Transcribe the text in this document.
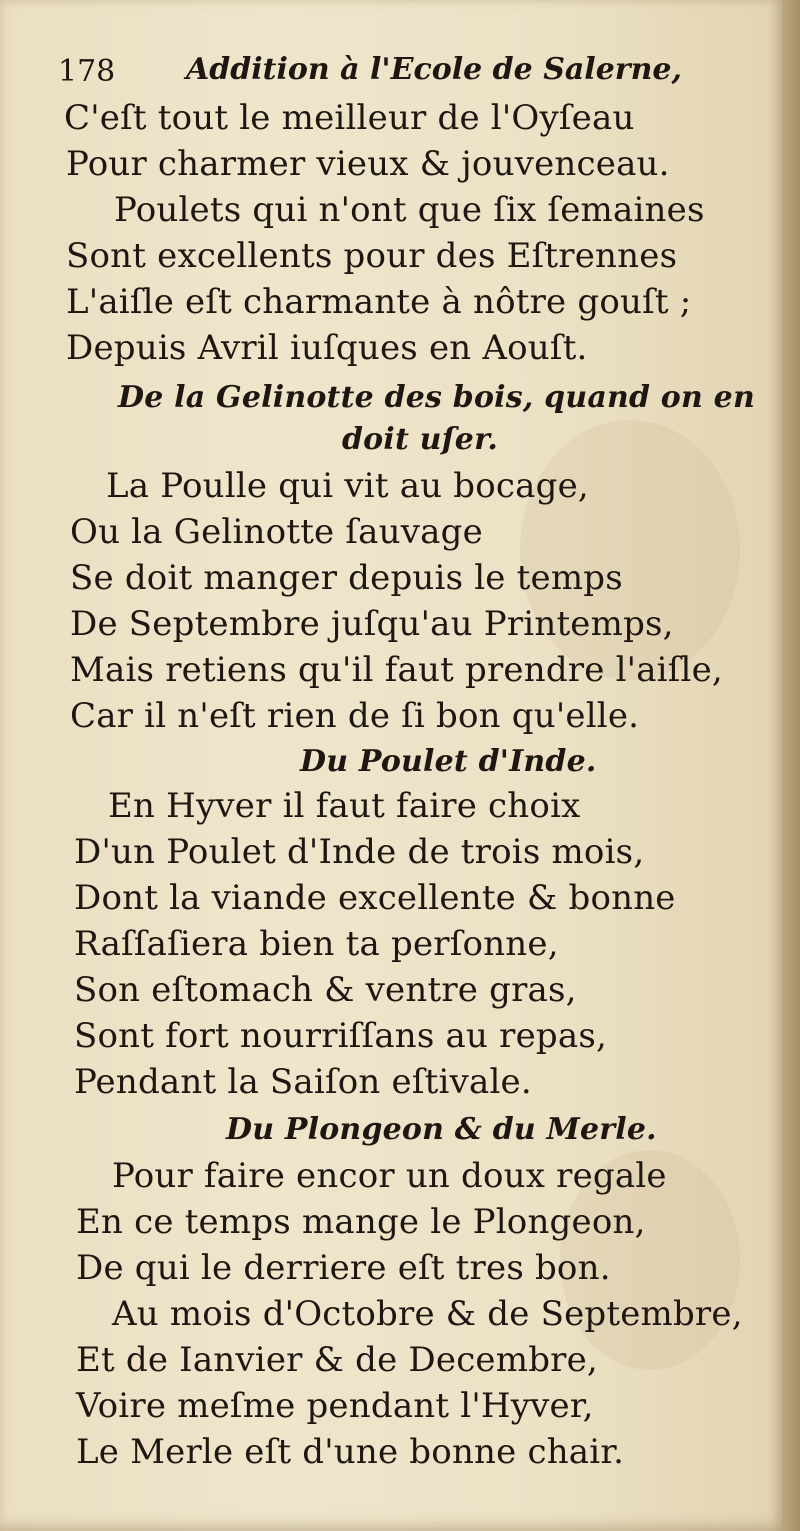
178 Addition à l'Ecole de Salerne,
C'eſt tout le meilleur de l'Oyſeau
Pour charmer vieux & jouvenceau.
Poulets qui n'ont que ſix ſemaines
Sont excellents pour des Eſtrennes
L'aiſle eſt charmante à nôtre gouſt ;
Depuis Avril iuſques en Aouſt.
De la Gelinotte des bois, quand on en
doit uſer.
La Poulle qui vit au bocage,
Ou la Gelinotte ſauvage
Se doit manger depuis le temps
De Septembre juſqu'au Printemps,
Mais retiens qu'il faut prendre l'aiſle,
Car il n'eſt rien de ſi bon qu'elle.
Du Poulet d'Inde.
En Hyver il faut faire choix
D'un Poulet d'Inde de trois mois,
Dont la viande excellente & bonne
Raſſaſiera bien ta perſonne,
Son eſtomach & ventre gras,
Sont fort nourriſſans au repas,
Pendant la Saiſon eſtivale.
Du Plongeon & du Merle.
Pour faire encor un doux regale
En ce temps mange le Plongeon,
De qui le derriere eſt tres bon.
Au mois d'Octobre & de Septembre,
Et de Ianvier & de Decembre,
Voire meſme pendant l'Hyver,
Le Merle eſt d'une bonne chair.
